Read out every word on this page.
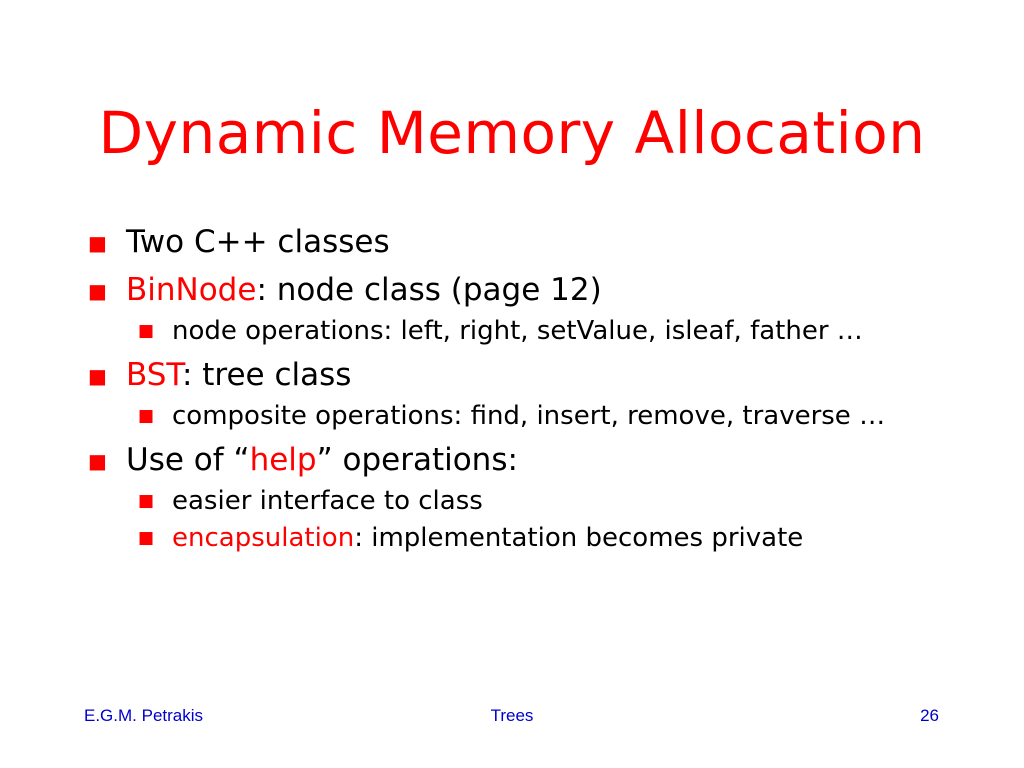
Dynamic Memory Allocation
■ Two C++ classes
■ BinNode: node class (page 12)
■ node operations: left, right, setValue, isleaf, father …
■ BST: tree class
■ composite operations: find, insert, remove, traverse …
■ Use of “help” operations:
■ easier interface to class
■ encapsulation: implementation becomes private
E.G.M. Petrakis	Trees	26
